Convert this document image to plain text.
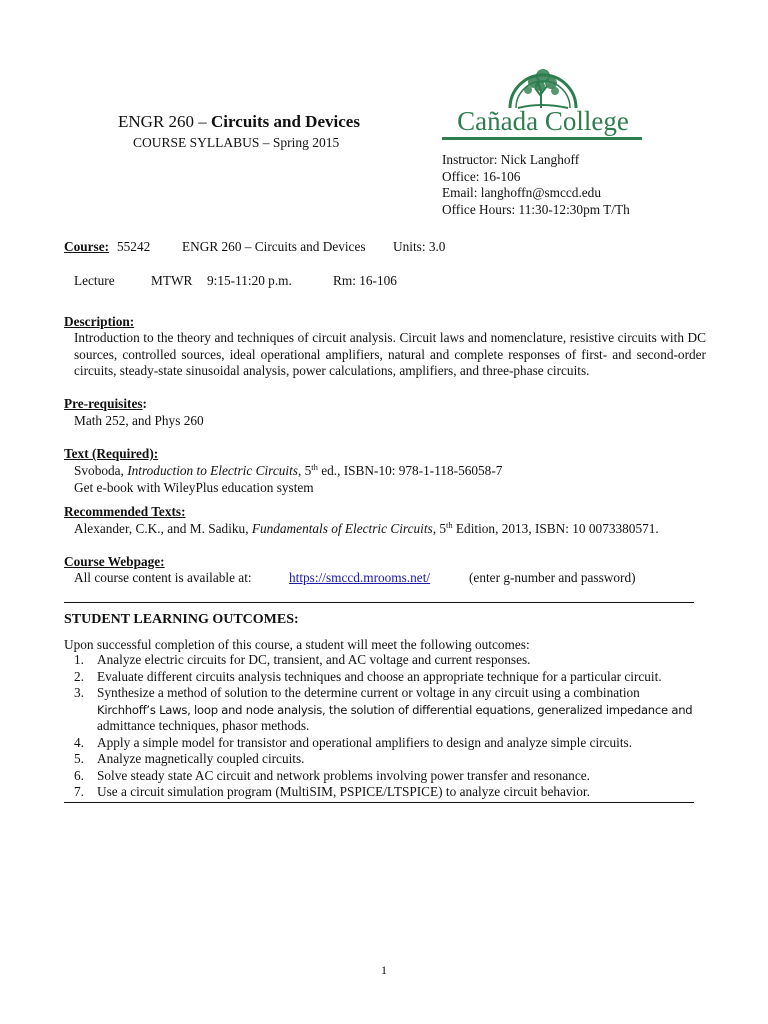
ENGR 260 – Circuits and Devices
COURSE SYLLABUS – Spring 2015
Cañada College
Instructor: Nick Langhoff
Office: 16-106
Email: langhoffn@smccd.edu
Office Hours: 11:30-12:30pm T/Th
Course: 55242 ENGR 260 – Circuits and Devices Units: 3.0
Lecture	MTWR 9:15-11:20 p.m.	Rm: 16-106
Description:
Introduction to the theory and techniques of circuit analysis. Circuit laws and nomenclature, resistive circuits with DC sources, controlled sources, ideal operational amplifiers, natural and complete responses of first- and second-order circuits, steady-state sinusoidal analysis, power calculations, amplifiers, and three-phase circuits.
Pre-requisites:
Math 252, and Phys 260
Text (Required):
Svoboda, Introduction to Electric Circuits, 5th ed., ISBN-10: 978-1-118-56058-7
Get e-book with WileyPlus education system
Recommended Texts:
Alexander, C.K., and M. Sadiku, Fundamentals of Electric Circuits, 5th Edition, 2013, ISBN: 10 0073380571.
Course Webpage:
All course content is available at:	https://smccd.mrooms.net/	(enter g-number and password)
STUDENT LEARNING OUTCOMES:
Upon successful completion of this course, a student will meet the following outcomes:
1. Analyze electric circuits for DC, transient, and AC voltage and current responses.
2. Evaluate different circuits analysis techniques and choose an appropriate technique for a particular circuit.
3. Synthesize a method of solution to the determine current or voltage in any circuit using a combination
Kirchhoff’s Laws, loop and node analysis, the solution of differential equations, generalized impedance and
admittance techniques, phasor methods.
4. Apply a simple model for transistor and operational amplifiers to design and analyze simple circuits.
5. Analyze magnetically coupled circuits.
6. Solve steady state AC circuit and network problems involving power transfer and resonance.
7. Use a circuit simulation program (MultiSIM, PSPICE/LTSPICE) to analyze circuit behavior.
1
